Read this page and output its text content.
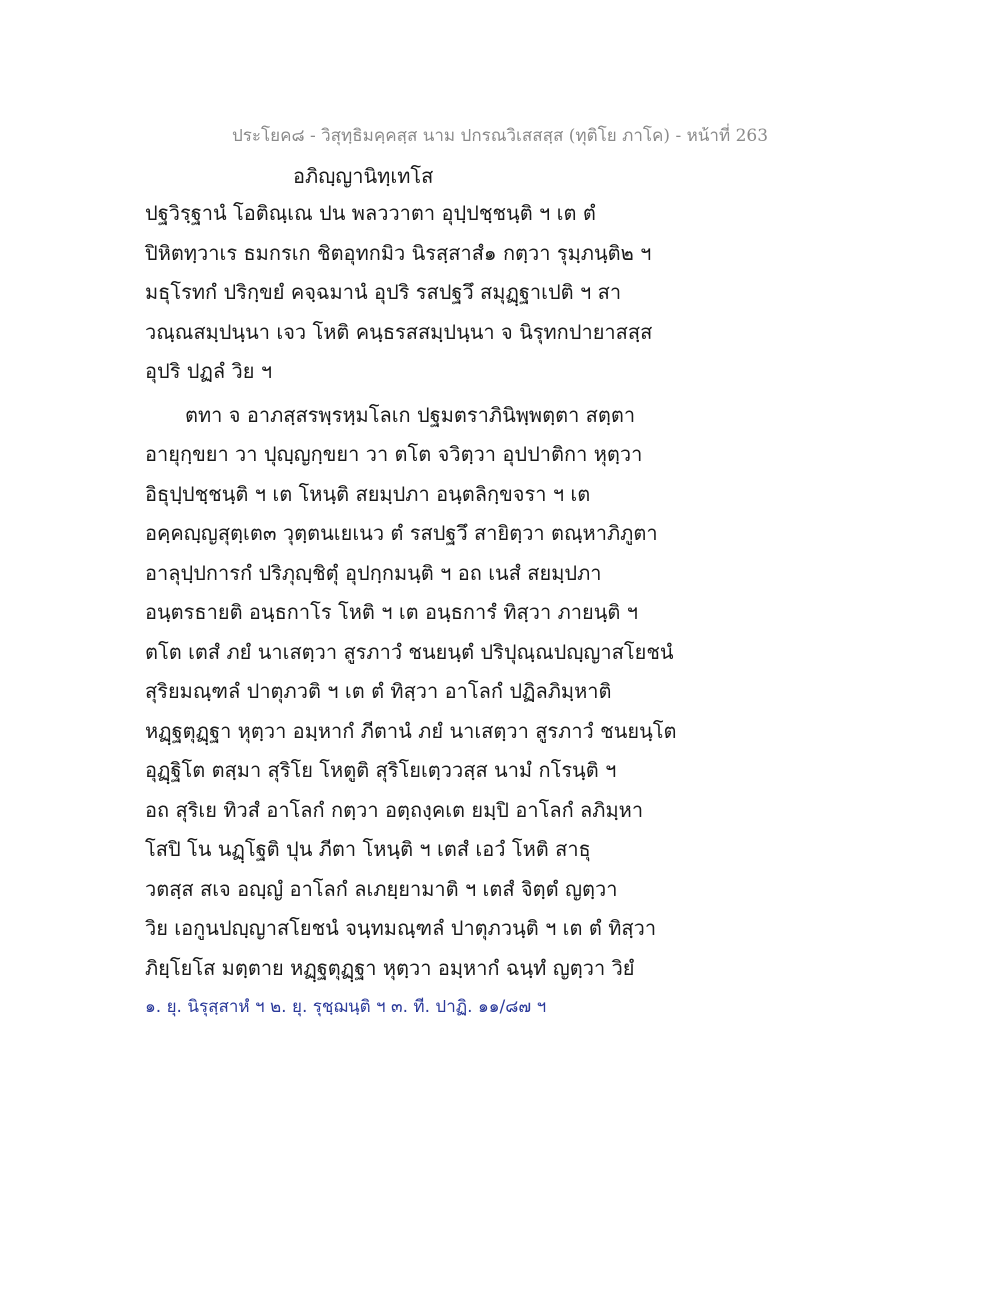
ประโยค๘ - วิสุทฺธิมคฺคสฺส นาม ปกรณวิเสสสฺส (ทุติโย ภาโค) - หน้าที่ 263
อภิญฺญานิทฺเทโส
ปฐวิรฺฐานํ โอติณฺเณ ปน พลววาตา อุปฺปชฺชนฺติ ฯ เต ตํ
ปิหิตทฺวาเร ธมกรเก ชิตอุทกมิว นิรสฺสาสํ๑ กตฺวา รุมฺภนฺติ๒ ฯ
มธุโรทกํ ปริกฺขยํ คจฺฉมานํ อุปริ รสปฐวึ สมุฏฺฐาเปติ ฯ สา
วณฺณสมฺปนฺนา เจว โหติ คนฺธรสสมฺปนฺนา จ นิรุทกปายาสสฺส
อุปริ ปฏลํ วิย ฯ
ตทา จ อาภสฺสรพฺรหฺมโลเก ปฐมตราภินิพฺพตฺตา สตฺตา
อายุกฺขยา วา ปุญฺญกฺขยา วา ตโต จวิตฺวา อุปปาติกา หุตฺวา
อิธุปฺปชฺชนฺติ ฯ เต โหนฺติ สยมฺปภา อนฺตลิกฺขจรา ฯ เต
อคฺคญฺญสุตฺเต๓ วุตฺตนเยเนว ตํ รสปฐวึ สายิตฺวา ตณฺหาภิภูตา
อาลุปฺปการกํ ปริภุญฺชิตุํ อุปกฺกมนฺติ ฯ อถ เนสํ สยมฺปภา
อนฺตรธายติ อนฺธกาโร โหติ ฯ เต อนฺธการํ ทิสฺวา ภายนฺติ ฯ
ตโต เตสํ ภยํ นาเสตฺวา สูรภาวํ ชนยนฺตํ ปริปุณฺณปญฺญาสโยชนํ
สุริยมณฺฑลํ ปาตุภวติ ฯ เต ตํ ทิสฺวา อาโลกํ ปฏิลภิมฺหาติ
หฏฺฐตุฏฺฐา หุตฺวา อมฺหากํ ภีตานํ ภยํ นาเสตฺวา สูรภาวํ ชนยนฺโต
อุฏฺฐิโต ตสฺมา สุริโย โหตูติ สุริโยเตฺววสฺส นามํ กโรนฺติ ฯ
อถ สุริเย ทิวสํ อาโลกํ กตฺวา อตฺถงฺคเต ยมฺปิ อาโลกํ ลภิมฺหา
โสปิ โน นฏฺโฐติ ปุน ภีตา โหนฺติ ฯ เตสํ เอวํ โหติ สาธุ
วตสฺส สเจ อญฺญํ อาโลกํ ลเภยฺยามาติ ฯ เตสํ จิตฺตํ ญตฺวา
วิย เอกูนปญฺญาสโยชนํ จนฺทมณฺฑลํ ปาตุภวนฺติ ฯ เต ตํ ทิสฺวา
ภิยฺโยโส มตฺตาย หฏฺฐตุฏฺฐา หุตฺวา อมฺหากํ ฉนฺทํ ญตฺวา วิยํ
๑. ยุ. นิรุสฺสาหํ ฯ ๒. ยุ. รุชฺฌนฺติ ฯ ๓. ที. ปาฏิ. ๑๑/๘๗ ฯ
